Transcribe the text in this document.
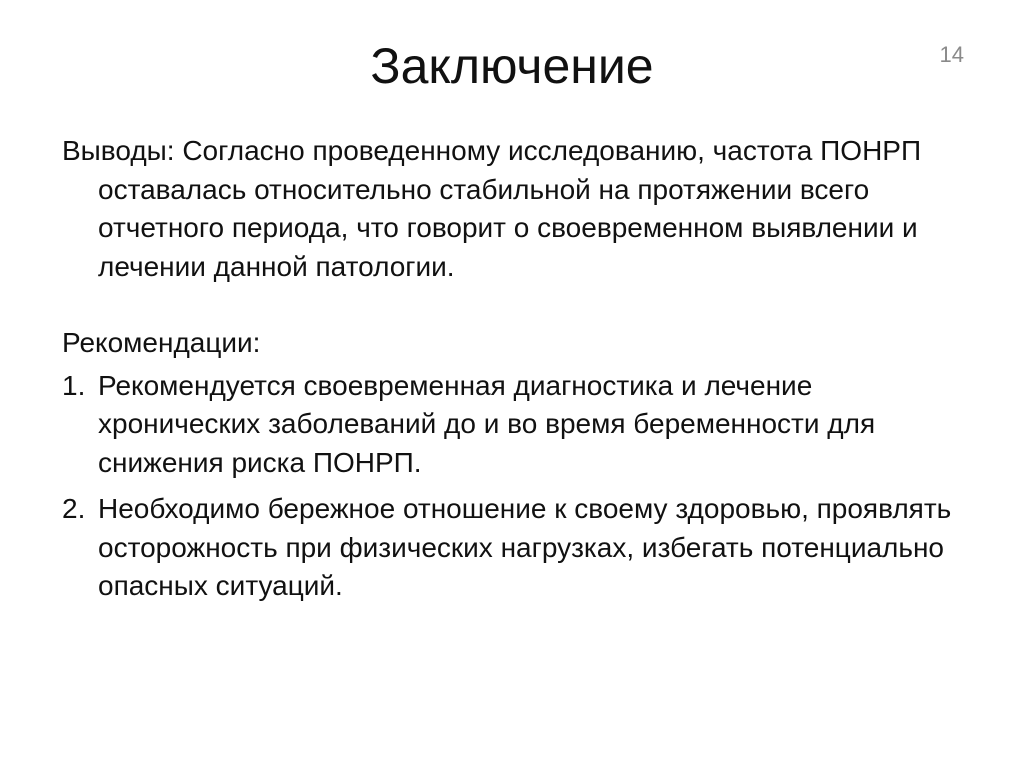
Заключение	14

Выводы: Согласно проведенному исследованию, частота ПОНРП оставалась относительно стабильной на протяжении всего отчетного периода, что говорит о своевременном выявлении и лечении данной патологии.

Рекомендации:

1. Рекомендуется своевременная диагностика и лечение хронических заболеваний до и во время беременности для снижения риска ПОНРП.
2. Необходимо бережное отношение к своему здоровью, проявлять осторожность при физических нагрузках, избегать потенциально опасных ситуаций.
